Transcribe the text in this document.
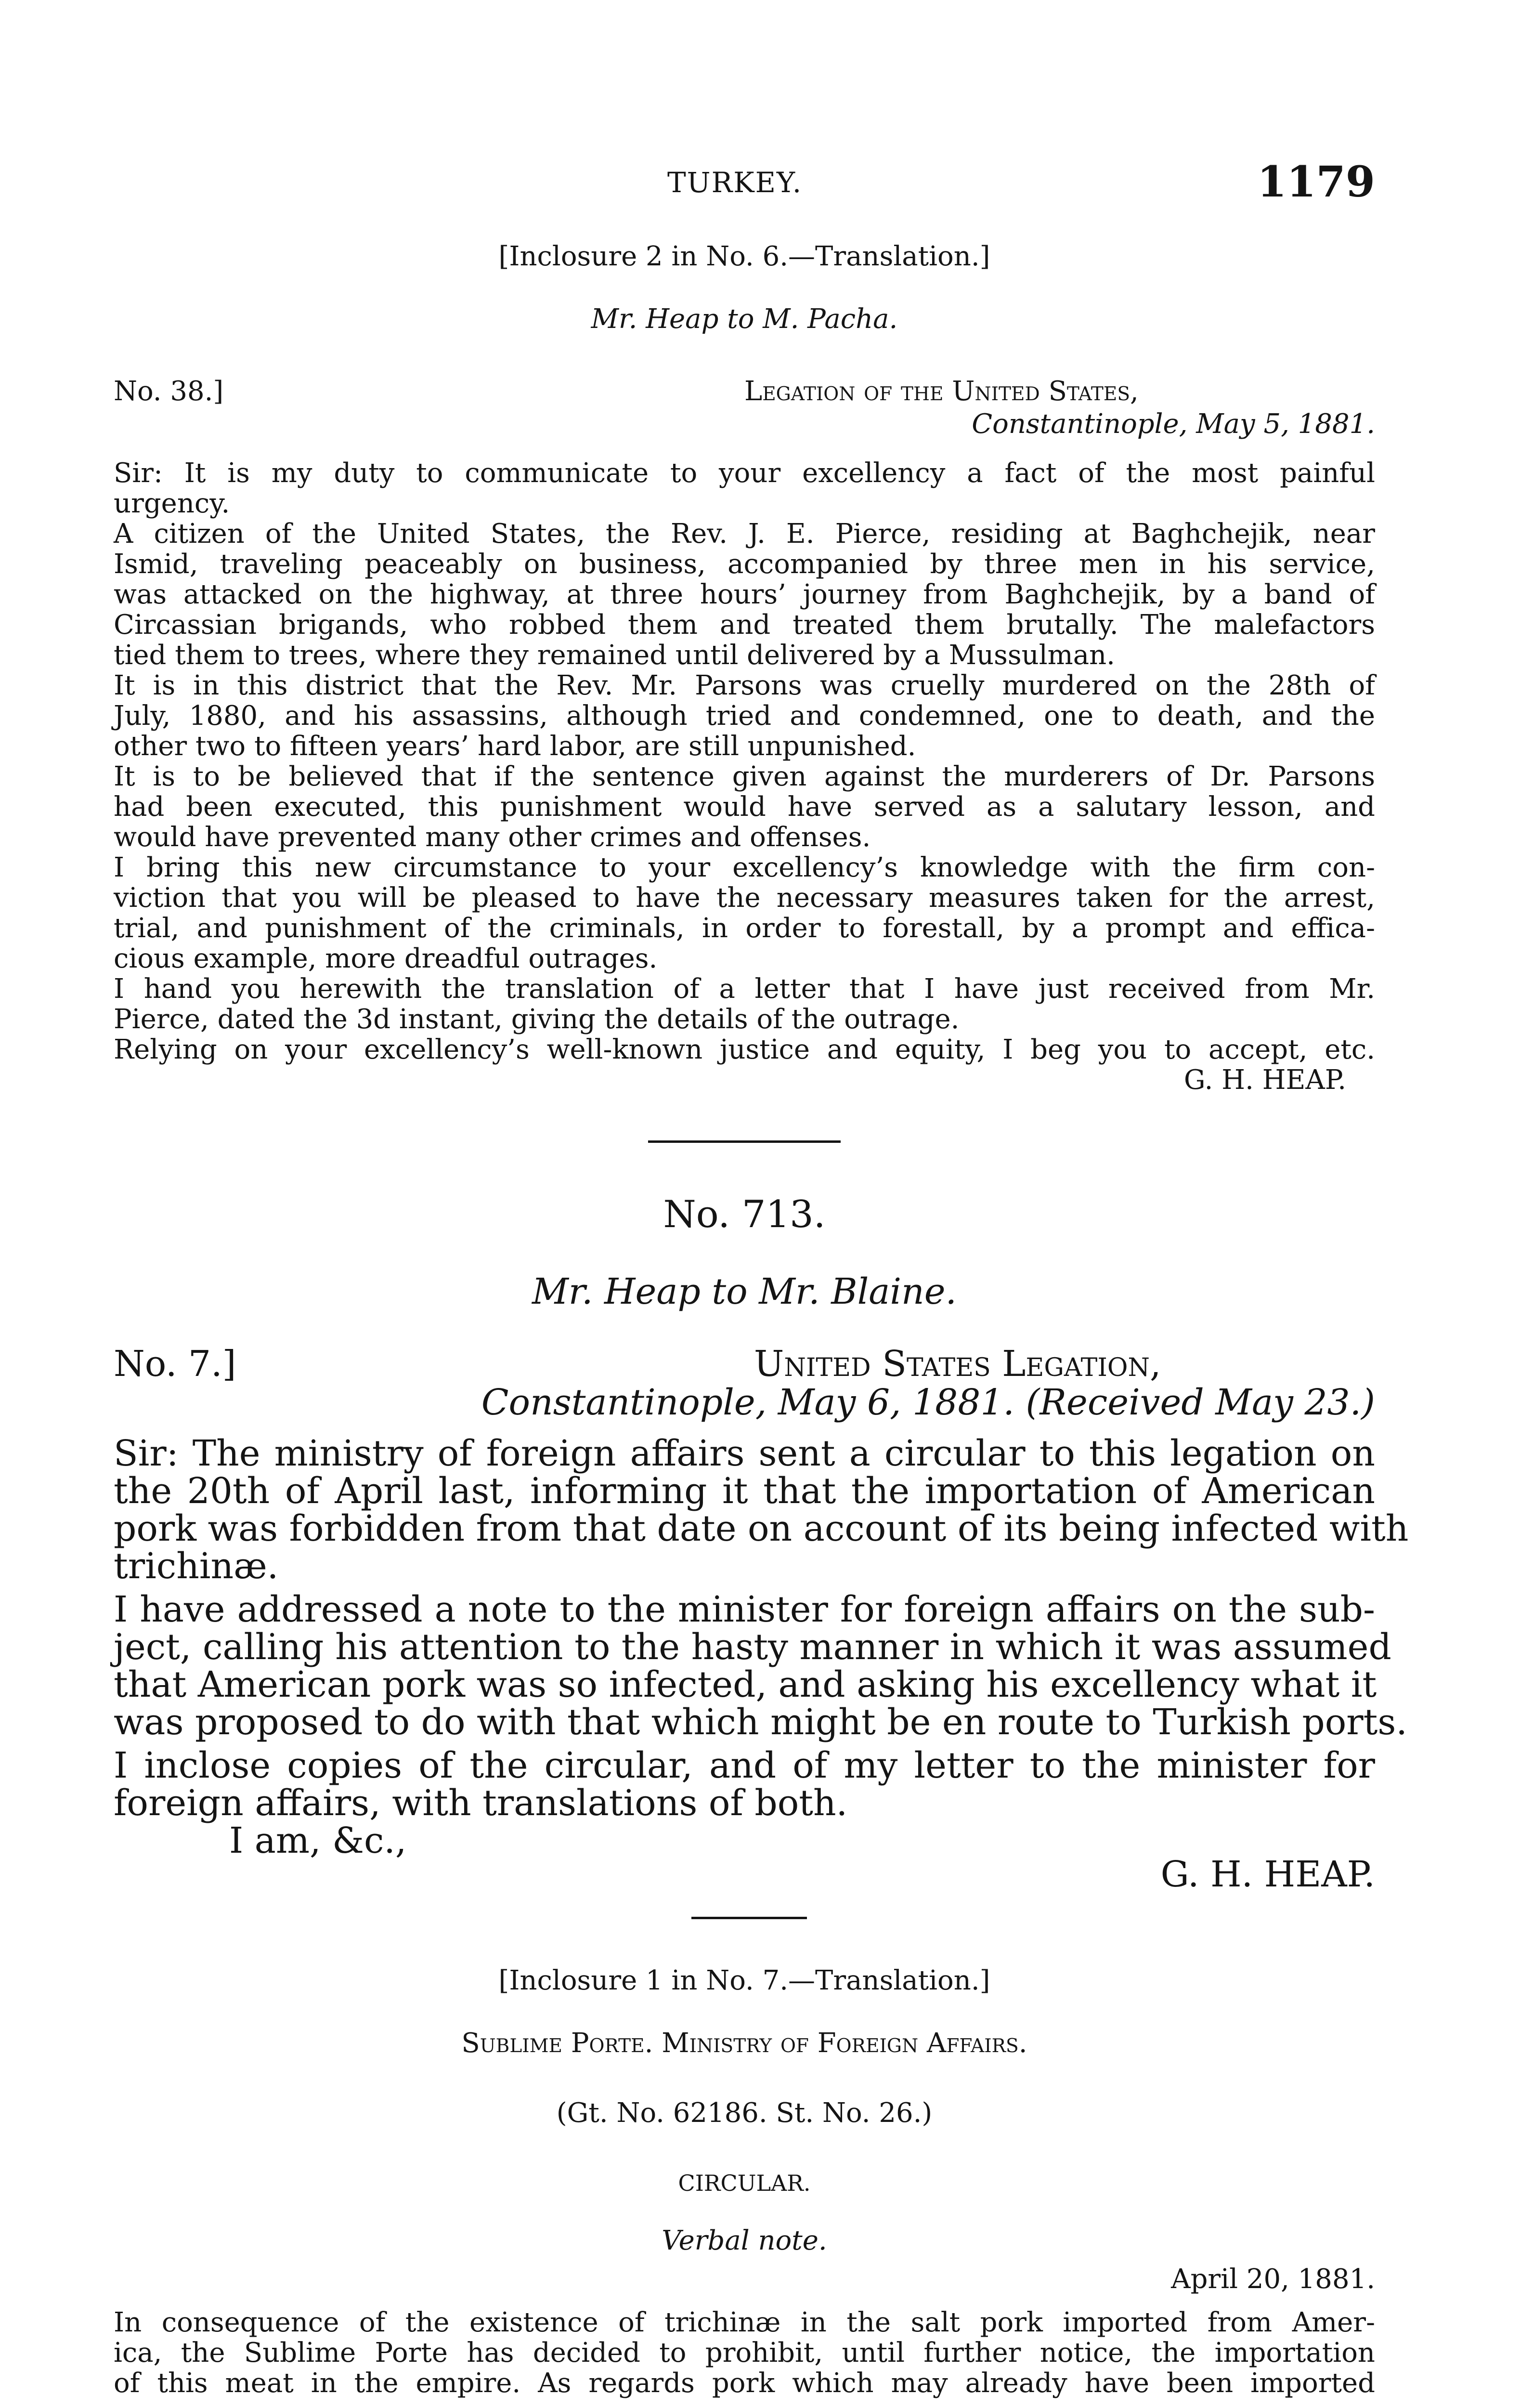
TURKEY.	1179
[Inclosure 2 in No. 6.—Translation.]
Mr. Heap to M. Pacha.
No. 38.]	Legation of the United States,
Constantinople, May 5, 1881.
Sir: It is my duty to communicate to your excellency a fact of the most painful
urgency.
A citizen of the United States, the Rev. J. E. Pierce, residing at Baghchejik, near
Ismid, traveling peaceably on business, accompanied by three men in his service,
was attacked on the highway, at three hours’ journey from Baghchejik, by a band of
Circassian brigands, who robbed them and treated them brutally. The malefactors
tied them to trees, where they remained until delivered by a Mussulman.
It is in this district that the Rev. Mr. Parsons was cruelly murdered on the 28th of
July, 1880, and his assassins, although tried and condemned, one to death, and the
other two to fifteen years’ hard labor, are still unpunished.
It is to be believed that if the sentence given against the murderers of Dr. Parsons
had been executed, this punishment would have served as a salutary lesson, and
would have prevented many other crimes and offenses.
I bring this new circumstance to your excellency’s knowledge with the firm con-
viction that you will be pleased to have the necessary measures taken for the arrest,
trial, and punishment of the criminals, in order to forestall, by a prompt and effica-
cious example, more dreadful outrages.
I hand you herewith the translation of a letter that I have just received from Mr.
Pierce, dated the 3d instant, giving the details of the outrage.
Relying on your excellency’s well-known justice and equity, I beg you to accept, etc.
G. H. HEAP.
No. 713.
Mr. Heap to Mr. Blaine.
No. 7.]	United States Legation,
Constantinople, May 6, 1881. (Received May 23.)
Sir: The ministry of foreign affairs sent a circular to this legation on
the 20th of April last, informing it that the importation of American
pork was forbidden from that date on account of its being infected with
trichinæ.
I have addressed a note to the minister for foreign affairs on the sub-
ject, calling his attention to the hasty manner in which it was assumed
that American pork was so infected, and asking his excellency what it
was proposed to do with that which might be en route to Turkish ports.
I inclose copies of the circular, and of my letter to the minister for
foreign affairs, with translations of both.
I am, &c.,
G. H. HEAP.
[Inclosure 1 in No. 7.—Translation.]
Sublime Porte. Ministry of Foreign Affairs.
(Gt. No. 62186. St. No. 26.)
CIRCULAR.
Verbal note.
April 20, 1881.
In consequence of the existence of trichinæ in the salt pork imported from Amer-
ica, the Sublime Porte has decided to prohibit, until further notice, the importation
of this meat in the empire. As regards pork which may already have been imported
